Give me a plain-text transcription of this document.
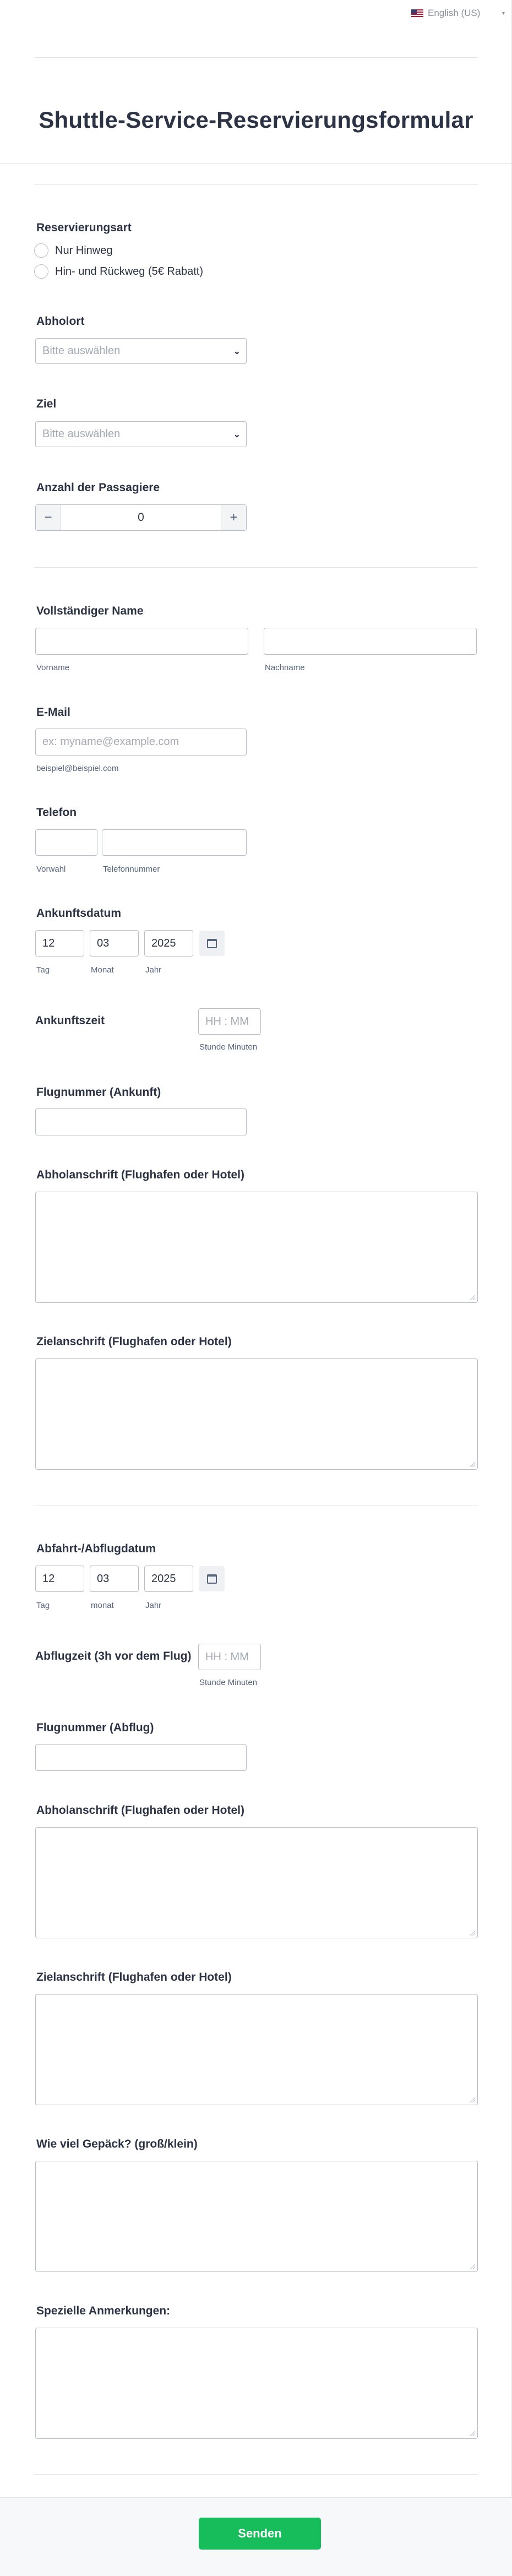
English (US)	▾
Shuttle-Service-Reservierungsformular
Reservierungsart
Nur Hinweg
Hin- und Rückweg (5€ Rabatt)
Abholort
Bitte auswählen	⌄
Ziel
Bitte auswählen	⌄
Anzahl der Passagiere
−	0	+
Vollständiger Name
Vorname	Nachname
E-Mail
ex: myname@example.com
beispiel@beispiel.com
Telefon
Vorwahl	Telefonnummer
Ankunftsdatum
12	03	2025
Tag	Monat	Jahr
Ankunftszeit	HH : MM
Stunde Minuten
Flugnummer (Ankunft)
Abholanschrift (Flughafen oder Hotel)
Zielanschrift (Flughafen oder Hotel)
Abfahrt-/Abflugdatum
12	03	2025
Tag	monat	Jahr
Abflugzeit (3h vor dem Flug) HH : MM
Stunde Minuten
Flugnummer (Abflug)
Abholanschrift (Flughafen oder Hotel)
Zielanschrift (Flughafen oder Hotel)
Wie viel Gepäck? (groß/klein)
Spezielle Anmerkungen:
Senden
